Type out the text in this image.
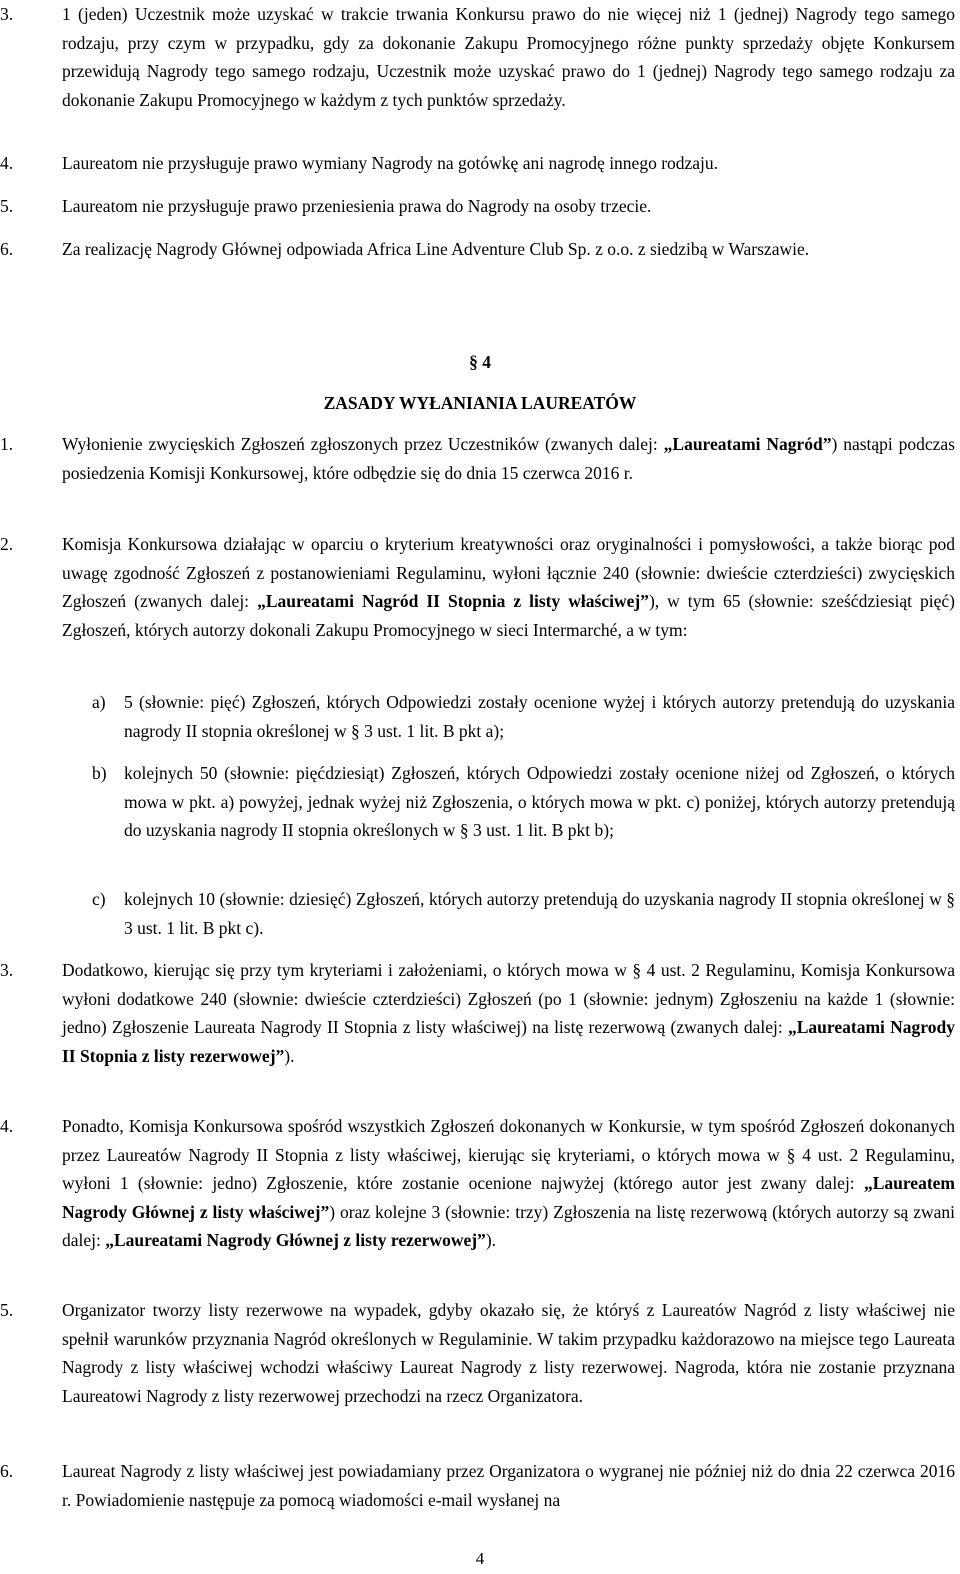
3.	1 (jeden) Uczestnik może uzyskać w trakcie trwania Konkursu prawo do nie więcej niż 1 (jednej) Nagrody tego samego rodzaju, przy czym w przypadku, gdy za dokonanie Zakupu Promocyjnego różne punkty sprzedaży objęte Konkursem przewidują Nagrody tego samego rodzaju, Uczestnik może uzyskać prawo do 1 (jednej) Nagrody tego samego rodzaju za dokonanie Zakupu Promocyjnego w każdym z tych punktów sprzedaży.
4.	Laureatom nie przysługuje prawo wymiany Nagrody na gotówkę ani nagrodę innego rodzaju.
5.	Laureatom nie przysługuje prawo przeniesienia prawa do Nagrody na osoby trzecie.
6.	Za realizację Nagrody Głównej odpowiada Africa Line Adventure Club Sp. z o.o. z siedzibą w Warszawie.
§ 4
ZASADY WYŁANIANIA LAUREATÓW
1.	Wyłonienie zwycięskich Zgłoszeń zgłoszonych przez Uczestników (zwanych dalej: „Laureatami Nagród”) nastąpi podczas posiedzenia Komisji Konkursowej, które odbędzie się do dnia 15 czerwca 2016 r.
2.	Komisja Konkursowa działając w oparciu o kryterium kreatywności oraz oryginalności i pomysłowości, a także biorąc pod uwagę zgodność Zgłoszeń z postanowieniami Regulaminu, wyłoni łącznie 240 (słownie: dwieście czterdzieści) zwycięskich Zgłoszeń (zwanych dalej: „Laureatami Nagród II Stopnia z listy właściwej”), w tym 65 (słownie: sześćdziesiąt pięć) Zgłoszeń, których autorzy dokonali Zakupu Promocyjnego w sieci Intermarché, a w tym:
a) 5 (słownie: pięć) Zgłoszeń, których Odpowiedzi zostały ocenione wyżej i których autorzy pretendują do uzyskania nagrody II stopnia określonej w § 3 ust. 1 lit. B pkt a);
b) kolejnych 50 (słownie: pięćdziesiąt) Zgłoszeń, których Odpowiedzi zostały ocenione niżej od Zgłoszeń, o których mowa w pkt. a) powyżej, jednak wyżej niż Zgłoszenia, o których mowa w pkt. c) poniżej, których autorzy pretendują do uzyskania nagrody II stopnia określonych w § 3 ust. 1 lit. B pkt b);
c) kolejnych 10 (słownie: dziesięć) Zgłoszeń, których autorzy pretendują do uzyskania nagrody II stopnia określonej w § 3 ust. 1 lit. B pkt c).
3.	Dodatkowo, kierując się przy tym kryteriami i założeniami, o których mowa w § 4 ust. 2 Regulaminu, Komisja Konkursowa wyłoni dodatkowe 240 (słownie: dwieście czterdzieści) Zgłoszeń (po 1 (słownie: jednym) Zgłoszeniu na każde 1 (słownie: jedno) Zgłoszenie Laureata Nagrody II Stopnia z listy właściwej) na listę rezerwową (zwanych dalej: „Laureatami Nagrody II Stopnia z listy rezerwowej”).
4.	Ponadto, Komisja Konkursowa spośród wszystkich Zgłoszeń dokonanych w Konkursie, w tym spośród Zgłoszeń dokonanych przez Laureatów Nagrody II Stopnia z listy właściwej, kierując się kryteriami, o których mowa w § 4 ust. 2 Regulaminu, wyłoni 1 (słownie: jedno) Zgłoszenie, które zostanie ocenione najwyżej (którego autor jest zwany dalej: „Laureatem Nagrody Głównej z listy właściwej”) oraz kolejne 3 (słownie: trzy) Zgłoszenia na listę rezerwową (których autorzy są zwani dalej: „Laureatami Nagrody Głównej z listy rezerwowej”).
5.	Organizator tworzy listy rezerwowe na wypadek, gdyby okazało się, że któryś z Laureatów Nagród z listy właściwej nie spełnił warunków przyznania Nagród określonych w Regulaminie. W takim przypadku każdorazowo na miejsce tego Laureata Nagrody z listy właściwej wchodzi właściwy Laureat Nagrody z listy rezerwowej. Nagroda, która nie zostanie przyznana Laureatowi Nagrody z listy rezerwowej przechodzi na rzecz Organizatora.
6.	Laureat Nagrody z listy właściwej jest powiadamiany przez Organizatora o wygranej nie później niż do dnia 22 czerwca 2016 r. Powiadomienie następuje za pomocą wiadomości e-mail wysłanej na
4
